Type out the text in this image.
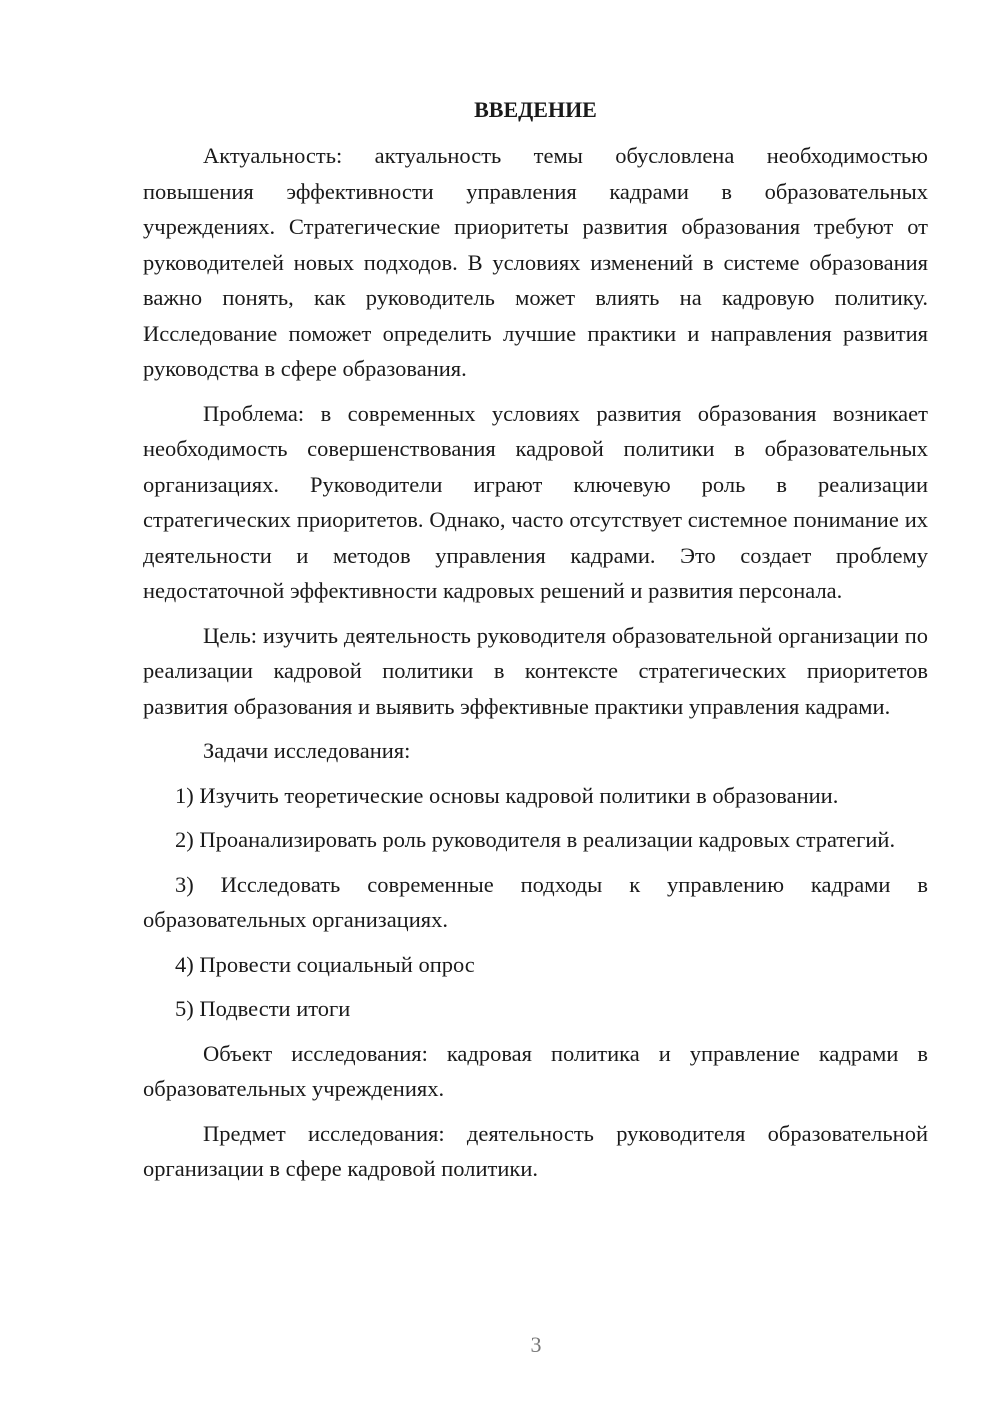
ВВЕДЕНИЕ

Актуальность: актуальность темы обусловлена необходимостью повышения эффективности управления кадрами в образовательных учреждениях. Стратегические приоритеты развития образования требуют от руководителей новых подходов. В условиях изменений в системе образования важно понять, как руководитель может влиять на кадровую политику. Исследование поможет определить лучшие практики и направления развития руководства в сфере образования.

Проблема: в современных условиях развития образования возникает необходимость совершенствования кадровой политики в образовательных организациях. Руководители играют ключевую роль в реализации стратегических приоритетов. Однако, часто отсутствует системное понимание их деятельности и методов управления кадрами. Это создает проблему недостаточной эффективности кадровых решений и развития персонала.

Цель: изучить деятельность руководителя образовательной организации по реализации кадровой политики в контексте стратегических приоритетов развития образования и выявить эффективные практики управления кадрами.

Задачи исследования:

1) Изучить теоретические основы кадровой политики в образовании.

2) Проанализировать роль руководителя в реализации кадровых стратегий.

3) Исследовать современные подходы к управлению кадрами в образовательных организациях.

4) Провести социальный опрос

5) Подвести итоги

Объект исследования: кадровая политика и управление кадрами в образовательных учреждениях.

Предмет исследования: деятельность руководителя образовательной организации в сфере кадровой политики.

3
